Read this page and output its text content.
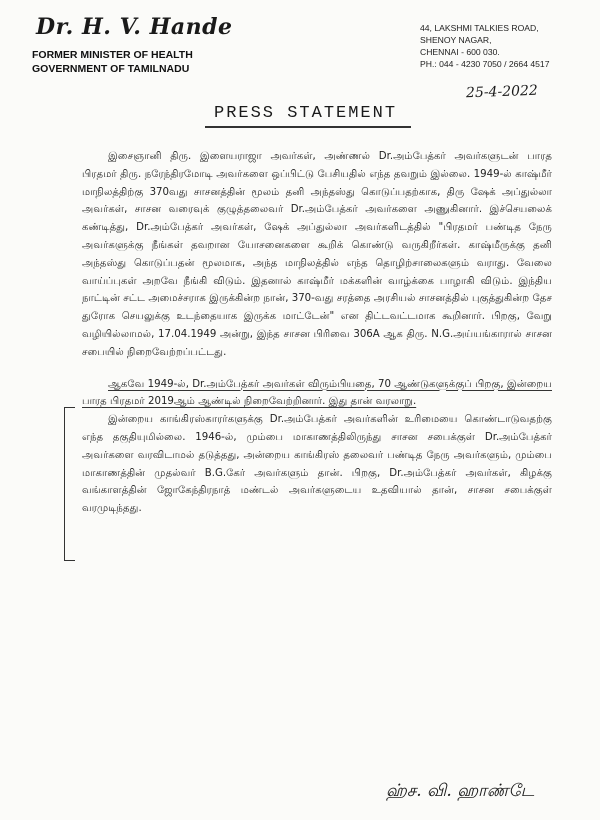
Dr. H. V. Hande
FORMER MINISTER OF HEALTH
GOVERNMENT OF TAMILNADU
44, LAKSHMI TALKIES ROAD,
SHENOY NAGAR,
CHENNAI - 600 030.
PH.: 044 - 4230 7050 / 2664 4517
25-4-2022
PRESS STATEMENT

இசைஞானி திரு. இளையராஜா அவர்கள், அண்ணல் Dr.அம்பேத்கர் அவர்களுடன் பாரத பிரதமர் திரு. நரேந்திரமோடி அவர்களை ஒப்பிட்டு பேசியதில் எந்த தவறும் இல்லை. 1949-ல் காஷ்மீர் மாநிலத்திற்கு 370வது சாசனத்தின் மூலம் தனி அந்தஸ்து கொடுப்பதற்காக, திரு ஷேக் அப்துல்லா அவர்கள், சாசன வரைவுக் குழுத்தலைவர் Dr.அம்பேத்கர் அவர்களை அணுகினார். இச்செயலைக் கண்டித்து, Dr.அம்பேத்கர் அவர்கள், ஷேக் அப்துல்லா அவர்களிடத்தில் "பிரதமர் பண்டித நேரு அவர்களுக்கு நீங்கள் தவறான யோசனைகளை கூறிக் கொண்டு வருகிறீர்கள். காஷ்மீருக்கு தனி அந்தஸ்து கொடுப்பதன் மூலமாக, அந்த மாநிலத்தில் எந்த தொழிற்சாலைகளும் வராது. வேலை வாய்ப்புகள் அறவே நீங்கி விடும். இதனால் காஷ்மீர் மக்களின் வாழ்க்கை பாழாகி விடும். இந்திய நாட்டின் சட்ட அமைச்சராக இருக்கின்ற நான், 370-வது சரத்தை அரசியல் சாசனத்தில் புகுத்துகின்ற தேச துரோக செயலுக்கு உடந்தையாக இருக்க மாட்டேன்" என திட்டவட்டமாக கூறினார். பிறகு, வேறு வழியில்லாமல், 17.04.1949 அன்று, இந்த சாசன பிரிவை 306A ஆக திரு. N.G.அய்யங்காரால் சாசன சபையில் நிறைவேற்றப்பட்டது.

ஆகவே 1949-ல், Dr.அம்பேத்கர் அவர்கள் விரும்பியதை, 70 ஆண்டுகளுக்குப் பிறகு, இன்றைய பாரத பிரதமர் 2019ஆம் ஆண்டில் நிறைவேற்றினார். இது தான் வரலாறு.

இன்றைய காங்கிரஸ்காரர்களுக்கு Dr.அம்பேத்கர் அவர்களின் உரிமையை கொண்டாடுவதற்கு எந்த தகுதியுமில்லை. 1946-ல், மும்பை மாகாணத்திலிருந்து சாசன சபைக்குள் Dr.அம்பேத்கர் அவர்களை வரவிடாமல் தடுத்தது, அன்றைய காங்கிரஸ் தலைவர் பண்டித நேரு அவர்களும், மும்பை மாகாணத்தின் முதல்வர் B.G.கேர் அவர்களும் தான். பிறகு, Dr.அம்பேத்கர் அவர்கள், கிழக்கு வங்காளத்தின் ஜோகேந்திரநாத் மண்டல் அவர்களுடைய உதவியால் தான், சாசன சபைக்குள் வரமுடிந்தது.

ஹ்ச. வி. ஹாண்டே
